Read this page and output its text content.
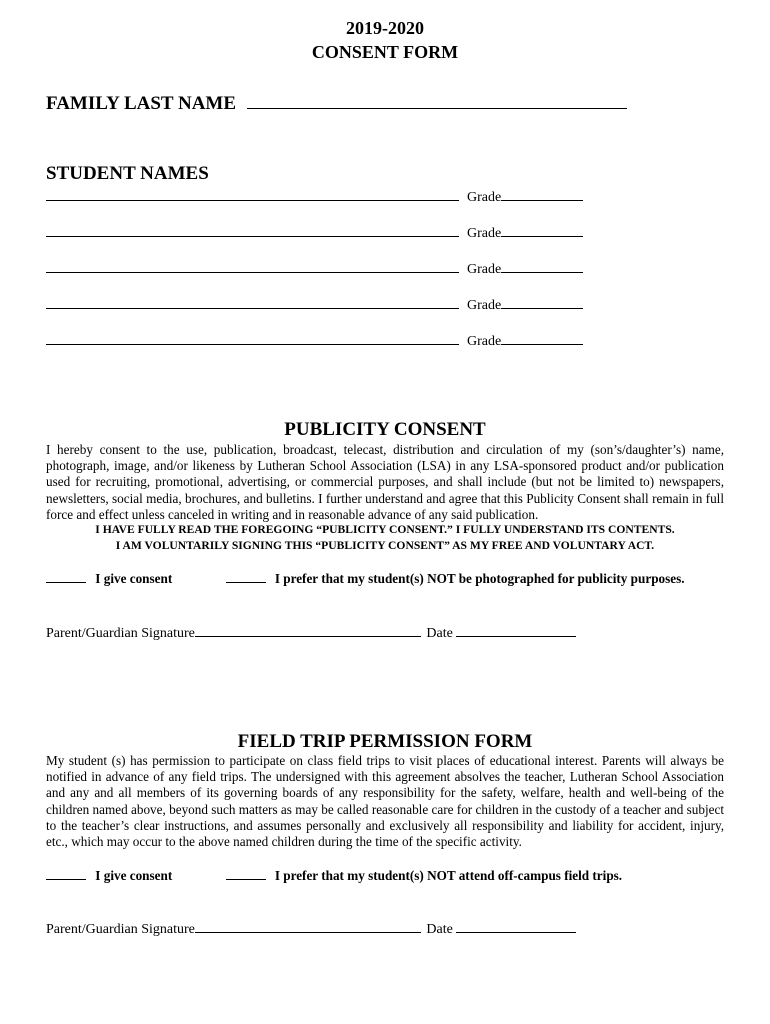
2019-2020
CONSENT FORM
FAMILY LAST NAME
STUDENT NAMES
Grade
Grade
Grade
Grade
Grade
PUBLICITY CONSENT
I hereby consent to the use, publication, broadcast, telecast, distribution and circulation of my (son’s/daughter’s) name, photograph, image, and/or likeness by Lutheran School Association (LSA) in any LSA-sponsored product and/or publication used for recruiting, promotional, advertising, or commercial purposes, and shall include (but not be limited to) newspapers, newsletters, social media, brochures, and bulletins. I further understand and agree that this Publicity Consent shall remain in full force and effect unless canceled in writing and in reasonable advance of any said publication.
I HAVE FULLY READ THE FOREGOING “PUBLICITY CONSENT.” I FULLY UNDERSTAND ITS CONTENTS.
I AM VOLUNTARILY SIGNING THIS “PUBLICITY CONSENT” AS MY FREE AND VOLUNTARY ACT.
I give consent	I prefer that my student(s) NOT be photographed for publicity purposes.
Parent/Guardian Signature	Date
FIELD TRIP PERMISSION FORM
My student (s) has permission to participate on class field trips to visit places of educational interest. Parents will always be notified in advance of any field trips. The undersigned with this agreement absolves the teacher, Lutheran School Association and any and all members of its governing boards of any responsibility for the safety, welfare, health and well-being of the children named above, beyond such matters as may be called reasonable care for children in the custody of a teacher and subject to the teacher’s clear instructions, and assumes personally and exclusively all responsibility and liability for accident, injury, etc., which may occur to the above named children during the time of the specific activity.
I give consent	I prefer that my student(s) NOT attend off-campus field trips.
Parent/Guardian Signature	Date
